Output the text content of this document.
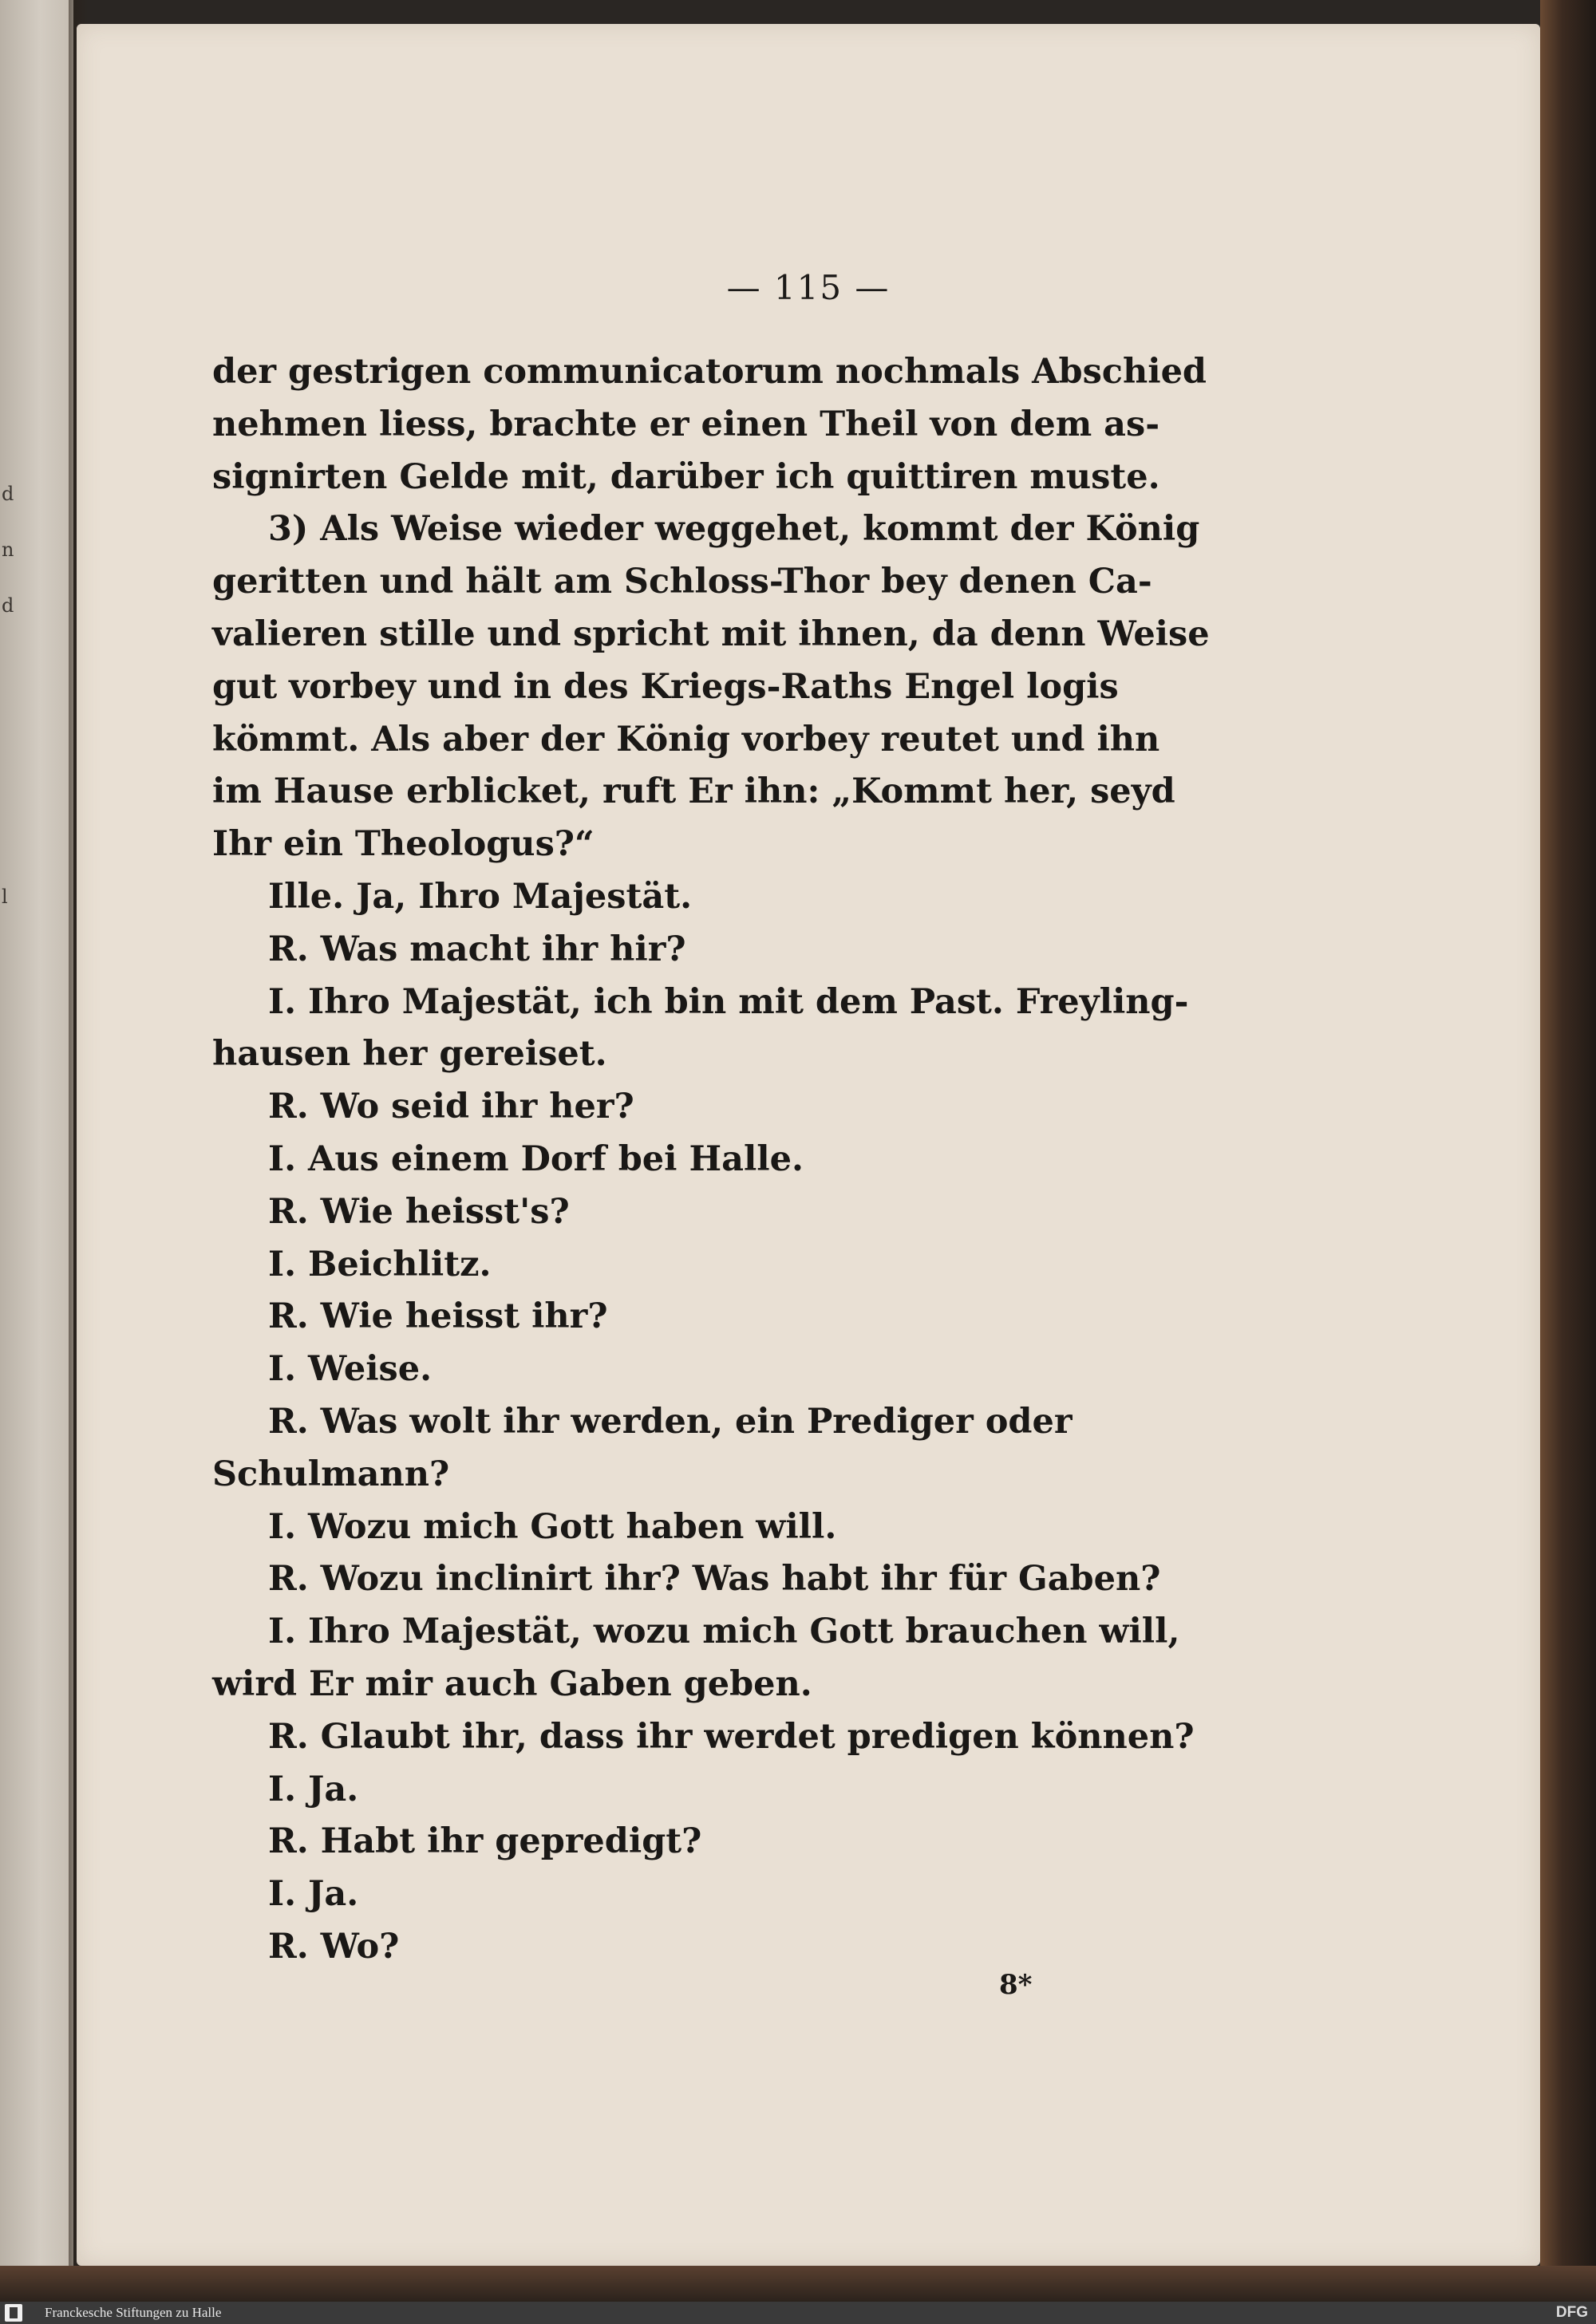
d
n
d
l
— 115 —
der gestrigen communicatorum nochmals Abschied
nehmen liess, brachte er einen Theil von dem as-
signirten Gelde mit, darüber ich quittiren muste.
3) Als Weise wieder weggehet, kommt der König
geritten und hält am Schloss-Thor bey denen Ca-
valieren stille und spricht mit ihnen, da denn Weise
gut vorbey und in des Kriegs-Raths Engel logis
kömmt. Als aber der König vorbey reutet und ihn
im Hause erblicket, ruft Er ihn: „Kommt her, seyd
Ihr ein Theologus?“
Ille. Ja, Ihro Majestät.
R. Was macht ihr hir?
I. Ihro Majestät, ich bin mit dem Past. Freyling-
hausen her gereiset.
R. Wo seid ihr her?
I. Aus einem Dorf bei Halle.
R. Wie heisst's?
I. Beichlitz.
R. Wie heisst ihr?
I. Weise.
R. Was wolt ihr werden, ein Prediger oder
Schulmann?
I. Wozu mich Gott haben will.
R. Wozu inclinirt ihr? Was habt ihr für Gaben?
I. Ihro Majestät, wozu mich Gott brauchen will,
wird Er mir auch Gaben geben.
R. Glaubt ihr, dass ihr werdet predigen können?
I. Ja.
R. Habt ihr gepredigt?
I. Ja.
R. Wo?
8*
Franckesche Stiftungen zu Halle	DFG
